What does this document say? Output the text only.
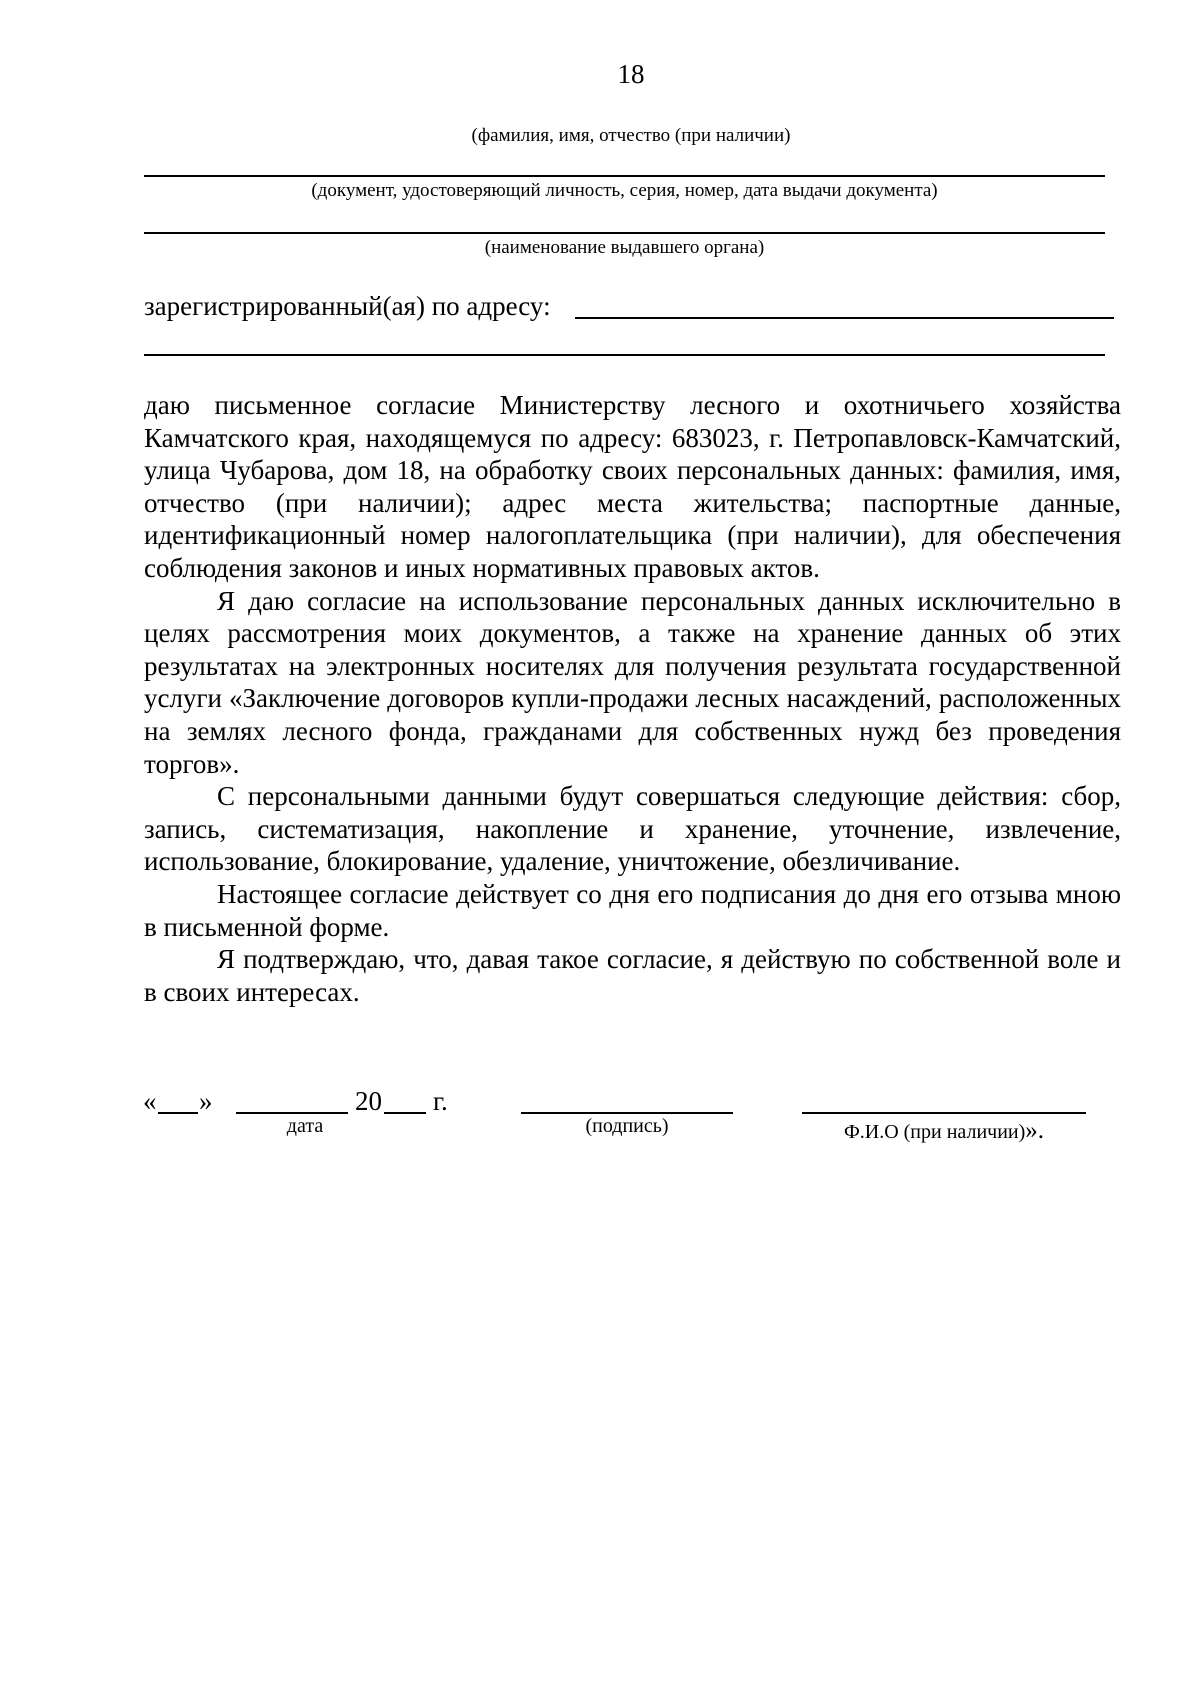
18
(фамилия, имя, отчество (при наличии)
(документ, удостоверяющий личность, серия, номер, дата выдачи документа)
(наименование выдавшего органа)
зарегистрированный(ая) по адресу:

даю письменное согласие Министерству лесного и охотничьего хозяйства Камчатского края, находящемуся по адресу: 683023, г. Петропавловск-Камчатский, улица Чубарова, дом 18, на обработку своих персональных данных: фамилия, имя, отчество (при наличии); адрес места жительства; паспортные данные, идентификационный номер налогоплательщика (при наличии), для обеспечения соблюдения законов и иных нормативных правовых актов.

Я даю согласие на использование персональных данных исключительно в целях рассмотрения моих документов, а также на хранение данных об этих результатах на электронных носителях для получения результата государственной услуги «Заключение договоров купли-продажи лесных насаждений, расположенных на землях лесного фонда, гражданами для собственных нужд без проведения торгов».

С персональными данными будут совершаться следующие действия: сбор, запись, систематизация, накопление и хранение, уточнение, извлечение, использование, блокирование, удаление, уничтожение, обезличивание.

Настоящее согласие действует со дня его подписания до дня его отзыва мною в письменной форме.

Я подтверждаю, что, давая такое согласие, я действую по собственной воле и в своих интересах.

« »	20 г.
дата	(подпись)	Ф.И.О (при наличии)».
